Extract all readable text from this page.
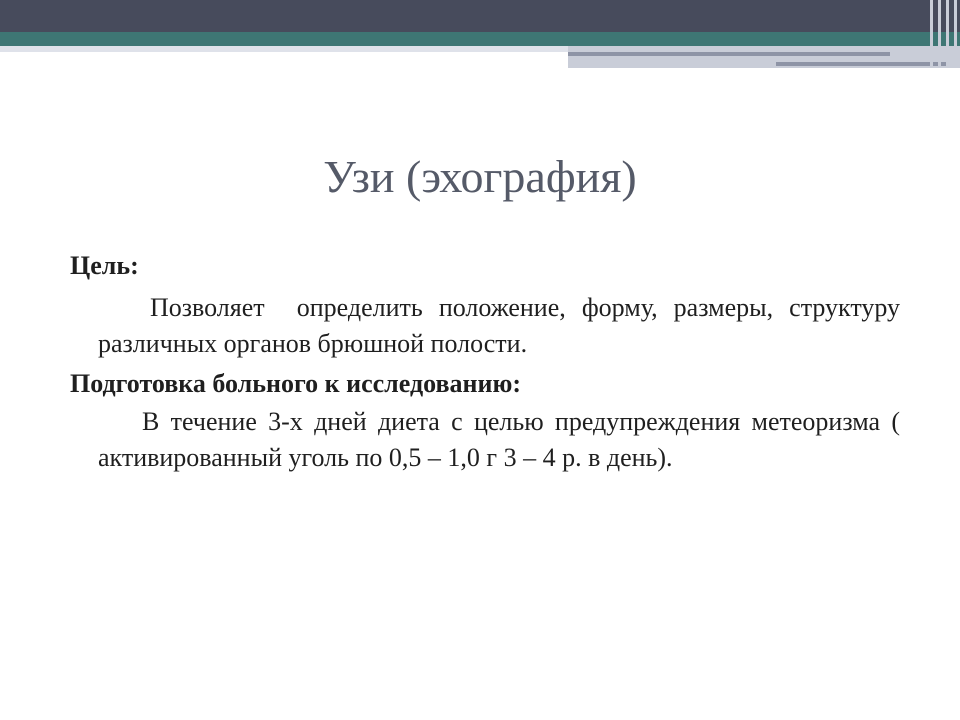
Узи (эхография)

Цель:

Позволяет  определить положение, форму, размеры, структуру различных органов брюшной полости.

Подготовка больного к исследованию:

В течение 3-х дней диета с целью предупреждения метеоризма ( активированный уголь по 0,5 – 1,0 г 3 – 4 р. в день).
